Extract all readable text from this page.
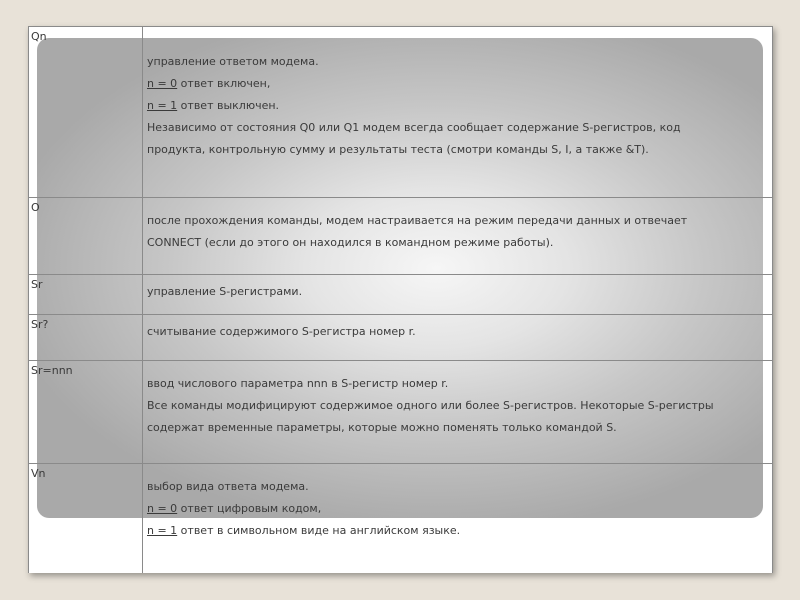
Qn	управление ответом модема.
n = 0 ответ включен,
n = 1 ответ выключен.
Независимо от состояния Q0 или Q1 модем всегда сообщает содержание S-регистров, код
продукта, контрольную сумму и результаты теста (смотри команды S, I, а также &T).

O	после прохождения команды, модем настраивается на режим передачи данных и отвечает
CONNECT (если до этого он находился в командном режиме работы).

Sr	управление S-регистрами.

Sr?	считывание содержимого S-регистра номер r.

Sr=nnn	ввод числового параметра nnn в S-регистр номер r.
Все команды модифицируют содержимое одного или более S-регистров. Некоторые S-регистры
содержат временные параметры, которые можно поменять только командой S.

Vn	выбор вида ответа модема.
n = 0 ответ цифровым кодом,
n = 1 ответ в символьном виде на английском языке.
